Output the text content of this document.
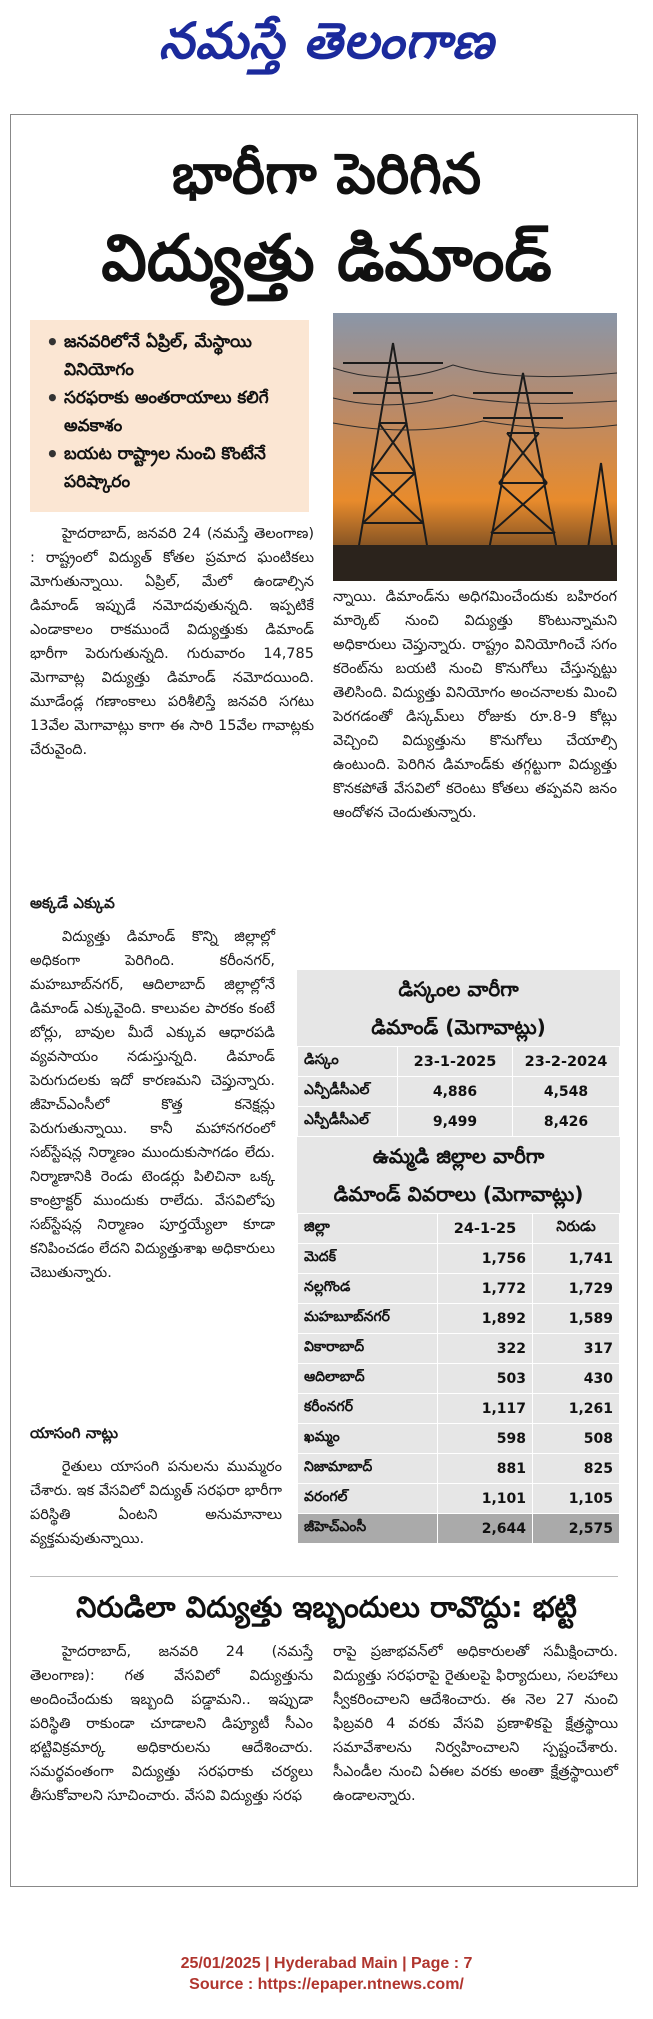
నమస్తే తెలంగాణ
భారీగా పెరిగిన
విద్యుత్తు డిమాండ్
• జనవరిలోనే ఏప్రిల్, మేస్థాయి వినియోగం
• సరఫరాకు అంతరాయాలు కలిగే అవకాశం
• బయట రాష్ట్రాల నుంచి కొంటేనే పరిష్కారం

హైదరాబాద్, జనవరి 24 (నమస్తే తెలంగాణ) : రాష్ట్రంలో విద్యుత్ కోతల ప్రమాద ఘంటికలు మోగుతున్నాయి. ఏప్రిల్, మేలో ఉండాల్సిన డిమాండ్ ఇప్పుడే నమోదవుతున్నది. ఇప్పటికే ఎండాకాలం రాకముందే విద్యుత్తుకు డిమాండ్ భారీగా పెరుగుతున్నది. గురువారం 14,785 మెగావాట్ల విద్యుత్తు డిమాండ్ నమోదయింది. మూడేండ్ల గణాంకాలు పరిశీలిస్తే జనవరి సగటు 13వేల మెగావాట్లు కాగా ఈ సారి 15వేల గావాట్లకు చేరువైంది.

అక్కడే ఎక్కువ

విద్యుత్తు డిమాండ్ కొన్ని జిల్లాల్లో అధికంగా పెరిగింది. కరీంనగర్, మహబూబ్‌నగర్, ఆదిలాబాద్ జిల్లాల్లోనే డిమాండ్ ఎక్కువైంది. కాలువల పారకం కంటే బోర్లు, బావుల మీదే ఎక్కువ ఆధారపడి వ్యవసాయం నడుస్తున్నది. డిమాండ్ పెరుగుదలకు ఇదో కారణమని చెప్తున్నారు. జీహెచ్ఎంసీలో కొత్త కనెక్షన్లు పెరుగుతున్నాయి. కానీ మహానగరంలో సబ్‌స్టేషన్ల నిర్మాణం ముందుకుసాగడం లేదు. నిర్మాణానికి రెండు టెండర్లు పిలిచినా ఒక్క కాంట్రాక్టర్ ముందుకు రాలేదు. వేసవిలోపు సబ్‌స్టేషన్ల నిర్మాణం పూర్తయ్యేలా కూడా కనిపించడం లేదని విద్యుత్తుశాఖ అధికారులు చెబుతున్నారు.

యాసంగి నాట్లు

రైతులు యాసంగి పనులను ముమ్మరం చేశారు. ఇక వేసవిలో విద్యుత్ సరఫరా భారీగా పరిస్థితి ఏంటని అనుమానాలు వ్యక్తమవుతున్నాయి.

న్నాయి. డిమాండ్‌ను అధిగమించేందుకు బహిరంగ మార్కెట్ నుంచి విద్యుత్తు కొంటున్నామని అధికారులు చెప్తున్నారు. రాష్ట్రం వినియోగించే సగం కరెంట్‌ను బయటి నుంచి కొనుగోలు చేస్తున్నట్టు తెలిసింది. విద్యుత్తు వినియోగం అంచనాలకు మించి పెరగడంతో డిస్కమ్‌లు రోజుకు రూ.8-9 కోట్లు వెచ్చించి విద్యుత్తును కొనుగోలు చేయాల్సి ఉంటుంది. పెరిగిన డిమాండ్‌కు తగ్గట్టుగా విద్యుత్తు కొనకపోతే వేసవిలో కరెంటు కోతలు తప్పవని జనం ఆందోళన చెందుతున్నారు.

డిస్కంల వారీగా
డిమాండ్ (మెగావాట్లు)
డిస్కం	23-1-2025	23-2-2024
ఎన్పీడీసీఎల్	4,886	4,548
ఎస్పీడీసీఎల్	9,499	8,426
ఉమ్మడి జిల్లాల వారీగా
డిమాండ్ వివరాలు (మెగావాట్లు)
జిల్లా	24-1-25	నిరుడు
మెదక్	1,756	1,741
నల్లగొండ	1,772	1,729
మహబూబ్‌నగర్	1,892	1,589
వికారాబాద్	322	317
ఆదిలాబాద్	503	430
కరీంనగర్	1,117	1,261
ఖమ్మం	598	508
నిజామాబాద్	881	825
వరంగల్	1,101	1,105
జీహెచ్ఎంసీ	2,644	2,575
నిరుడిలా విద్యుత్తు ఇబ్బందులు రావొద్దు: భట్టి

హైదరాబాద్, జనవరి 24 (నమస్తే తెలంగాణ): గత వేసవిలో విద్యుత్తును అందించేందుకు ఇబ్బంది పడ్డామని.. ఇప్పుడా పరిస్థితి రాకుండా చూడాలని డిప్యూటీ సీఎం భట్టివిక్రమార్క అధికారులను ఆదేశించారు. సమర్థవంతంగా విద్యుత్తు సరఫరాకు చర్యలు తీసుకోవాలని సూచించారు. వేసవి విద్యుత్తు సరఫ

రాపై ప్రజాభవన్‌లో అధికారులతో సమీక్షించారు. విద్యుత్తు సరఫరాపై రైతులపై ఫిర్యాదులు, సలహాలు స్వీకరించాలని ఆదేశించారు. ఈ నెల 27 నుంచి ఫిబ్రవరి 4 వరకు వేసవి ప్రణాళికపై క్షేత్రస్థాయి సమావేశాలను నిర్వహించాలని స్పష్టంచేశారు. సీఎండీల నుంచి ఏఈల వరకు అంతా క్షేత్రస్థాయిలో ఉండాలన్నారు.

25/01/2025 | Hyderabad Main | Page : 7
Source : https://epaper.ntnews.com/
